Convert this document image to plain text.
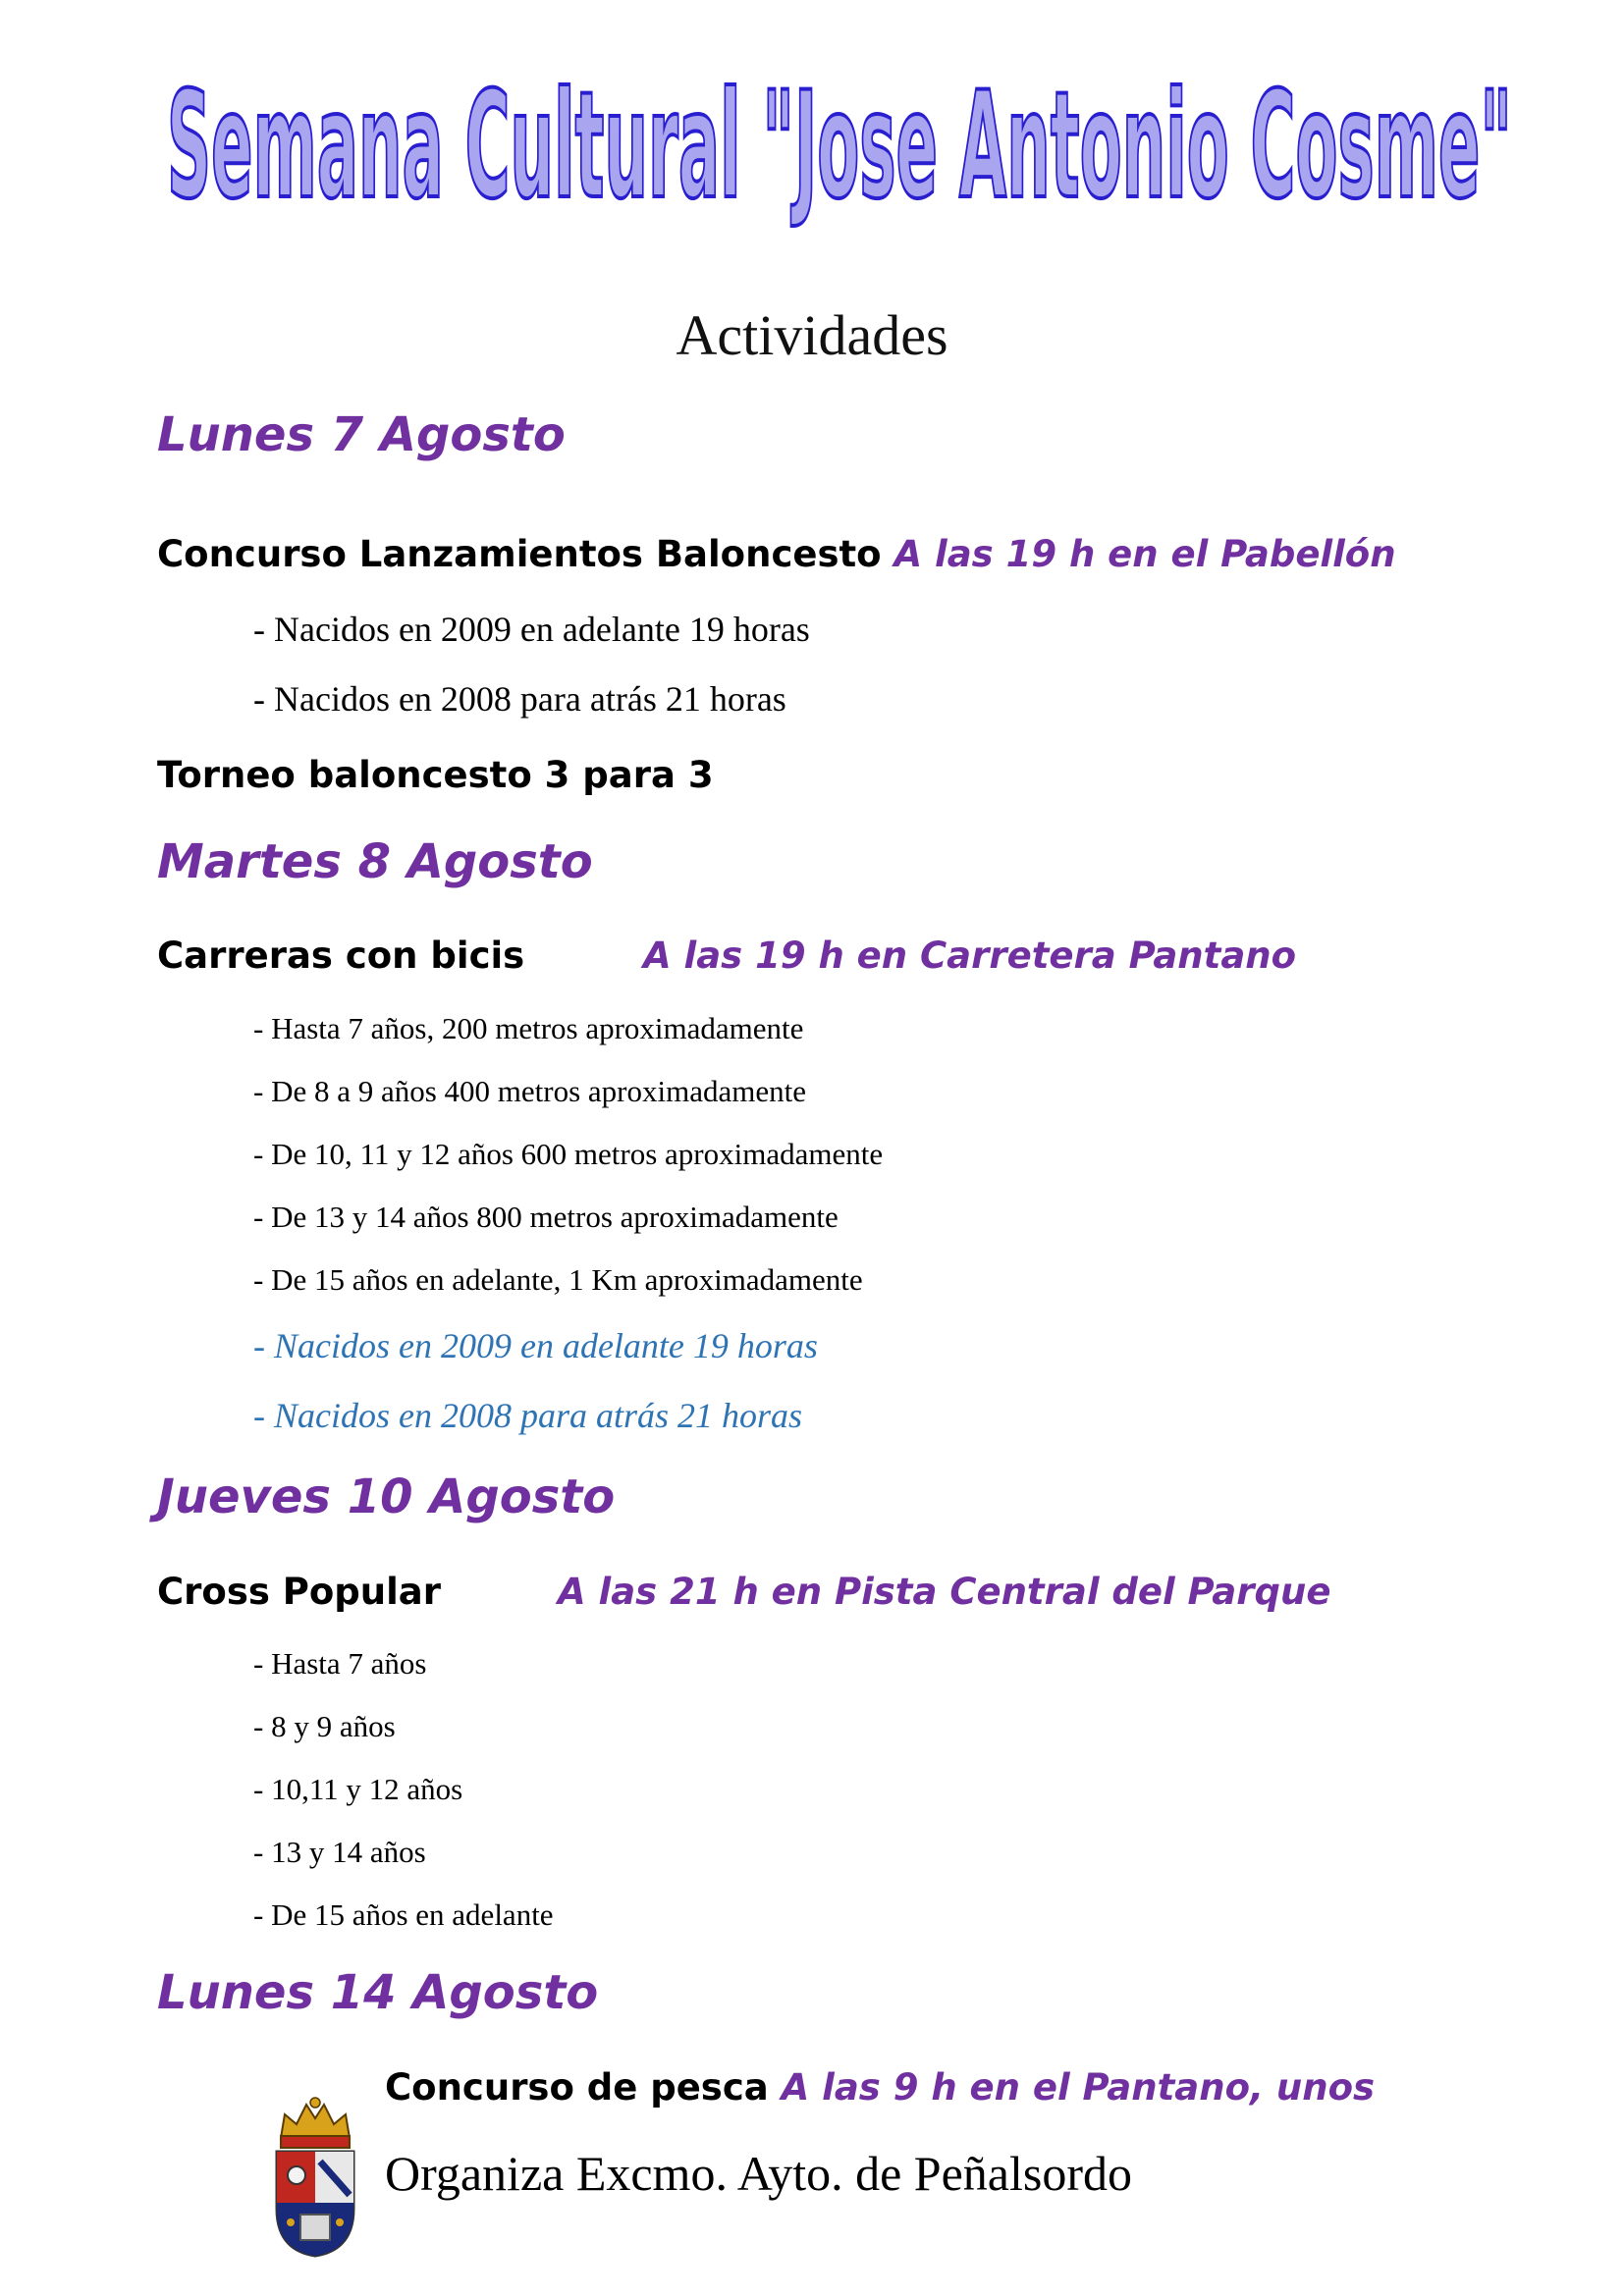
Semana Cultural "Jose Antonio Cosme"
Actividades
Lunes 7 Agosto
Concurso Lanzamientos Baloncesto A las 19 h en el Pabellón
- Nacidos en 2009 en adelante 19 horas
- Nacidos en 2008 para atrás 21 horas
Torneo baloncesto 3 para 3
Martes 8 Agosto
Carreras con bicis	A las 19 h en Carretera Pantano
- Hasta 7 años, 200 metros aproximadamente
- De 8 a 9 años 400 metros aproximadamente
- De 10, 11 y 12 años 600 metros aproximadamente
- De 13 y 14 años 800 metros aproximadamente
- De 15 años en adelante, 1 Km aproximadamente
- Nacidos en 2009 en adelante 19 horas
- Nacidos en 2008 para atrás 21 horas
Jueves 10 Agosto
Cross Popular	A las 21 h en Pista Central del Parque
- Hasta 7 años
- 8 y 9 años
- 10,11 y 12 años
- 13 y 14 años
- De 15 años en adelante
Lunes 14 Agosto
Concurso de pesca A las 9 h en el Pantano, unos
Organiza Excmo. Ayto. de Peñalsordo
